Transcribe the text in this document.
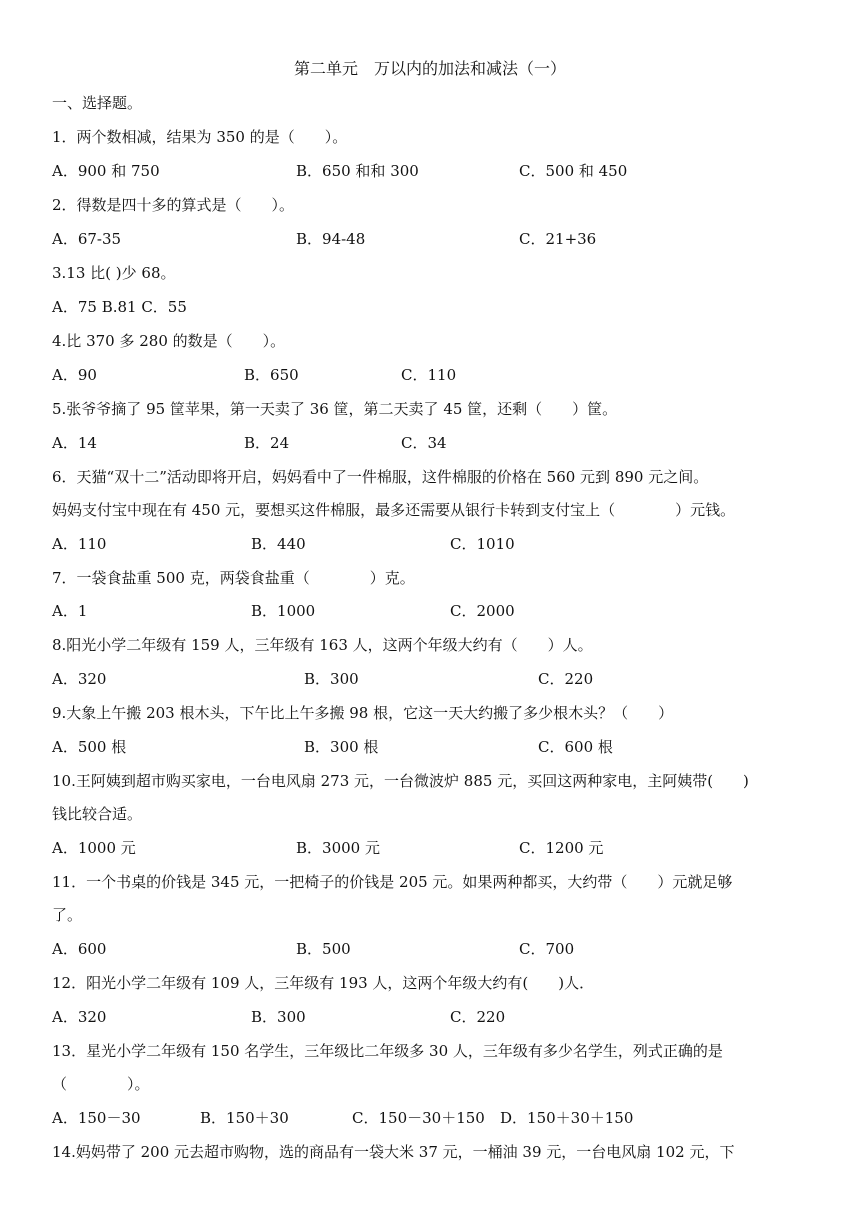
第二单元　万以内的加法和减法（一）
一、选择题。
1．两个数相减，结果为 350 的是（　　）。
A．900 和 750	B．650 和和 300	C．500 和 450
2．得数是四十多的算式是（　　）。
A．67-35	B．94-48	C．21+36
3.13 比( )少 68。
A．75 B.81 C．55
4.比 370 多 280 的数是（　　）。
A．90	B．650	C．110
5.张爷爷摘了 95 筐苹果，第一天卖了 36 筐，第二天卖了 45 筐，还剩（　　）筐。
A．14	B．24	C．34
6．天猫“双十二”活动即将开启，妈妈看中了一件棉服，这件棉服的价格在 560 元到 890 元之间。
妈妈支付宝中现在有 450 元，要想买这件棉服，最多还需要从银行卡转到支付宝上（　　　　）元钱。
A．110	B．440	C．1010
7．一袋食盐重 500 克，两袋食盐重（　　　　）克。
A．1	B．1000	C．2000
8.阳光小学二年级有 159 人，三年级有 163 人，这两个年级大约有（　　）人。
A．320	B．300	C．220
9.大象上午搬 203 根木头，下午比上午多搬 98 根，它这一天大约搬了多少根木头？（　　）
A．500 根	B．300 根	C．600 根
10.王阿姨到超市购买家电，一台电风扇 273 元，一台微波炉 885 元，买回这两种家电，主阿姨带(　　)
钱比较合适。
A．1000 元	B．3000 元	C．1200 元
11．一个书桌的价钱是 345 元，一把椅子的价钱是 205 元。如果两种都买，大约带（　　）元就足够
了。
A．600	B．500	C．700
12．阳光小学二年级有 109 人，三年级有 193 人，这两个年级大约有(　　)人．
A．320	B．300	C．220
13．星光小学二年级有 150 名学生，三年级比二年级多 30 人，三年级有多少名学生，列式正确的是
（　　　　）。
A．150－30	B．150＋30	C．150－30＋150 D．150＋30＋150
14.妈妈带了 200 元去超市购物，选的商品有一袋大米 37 元，一桶油 39 元，一台电风扇 102 元，下
